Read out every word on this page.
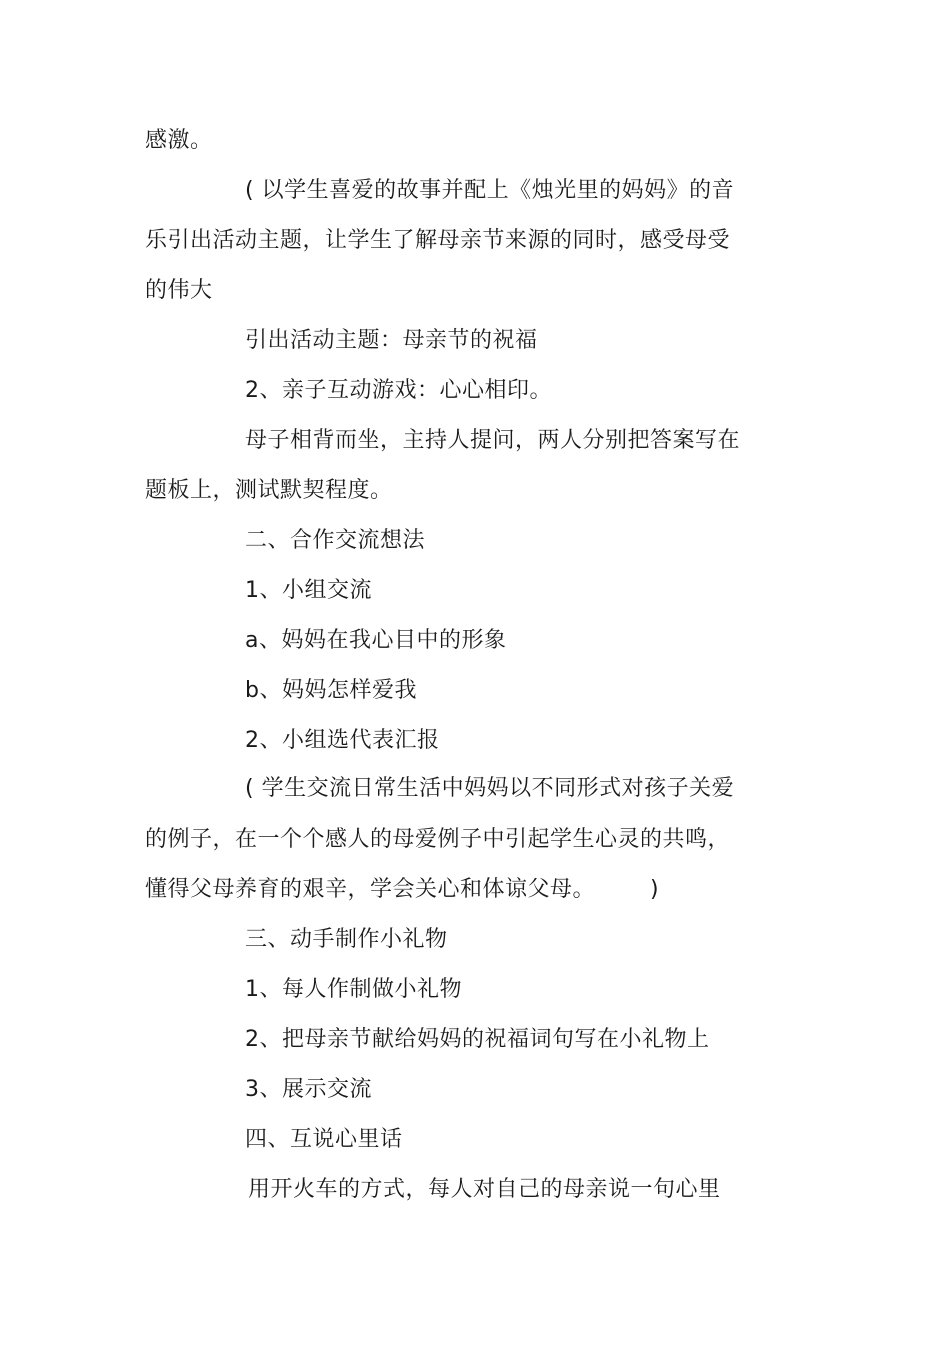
感激。
( 以学生喜爱的故事并配上《烛光里的妈妈》的音
乐引出活动主题，让学生了解母亲节来源的同时，感受母受
的伟大
引出活动主题：母亲节的祝福
2、亲子互动游戏：心心相印。
母子相背而坐，主持人提问，两人分别把答案写在
题板上，测试默契程度。
二、合作交流想法
1、小组交流
a、妈妈在我心目中的形象
b、妈妈怎样爱我
2、小组选代表汇报
( 学生交流日常生活中妈妈以不同形式对孩子关爱
的例子，在一个个感人的母爱例子中引起学生心灵的共鸣，
懂得父母养育的艰辛，学会关心和体谅父母。 )
三、动手制作小礼物
1、每人作制做小礼物
2、把母亲节献给妈妈的祝福词句写在小礼物上
3、展示交流
四、互说心里话
用开火车的方式，每人对自己的母亲说一句心里
